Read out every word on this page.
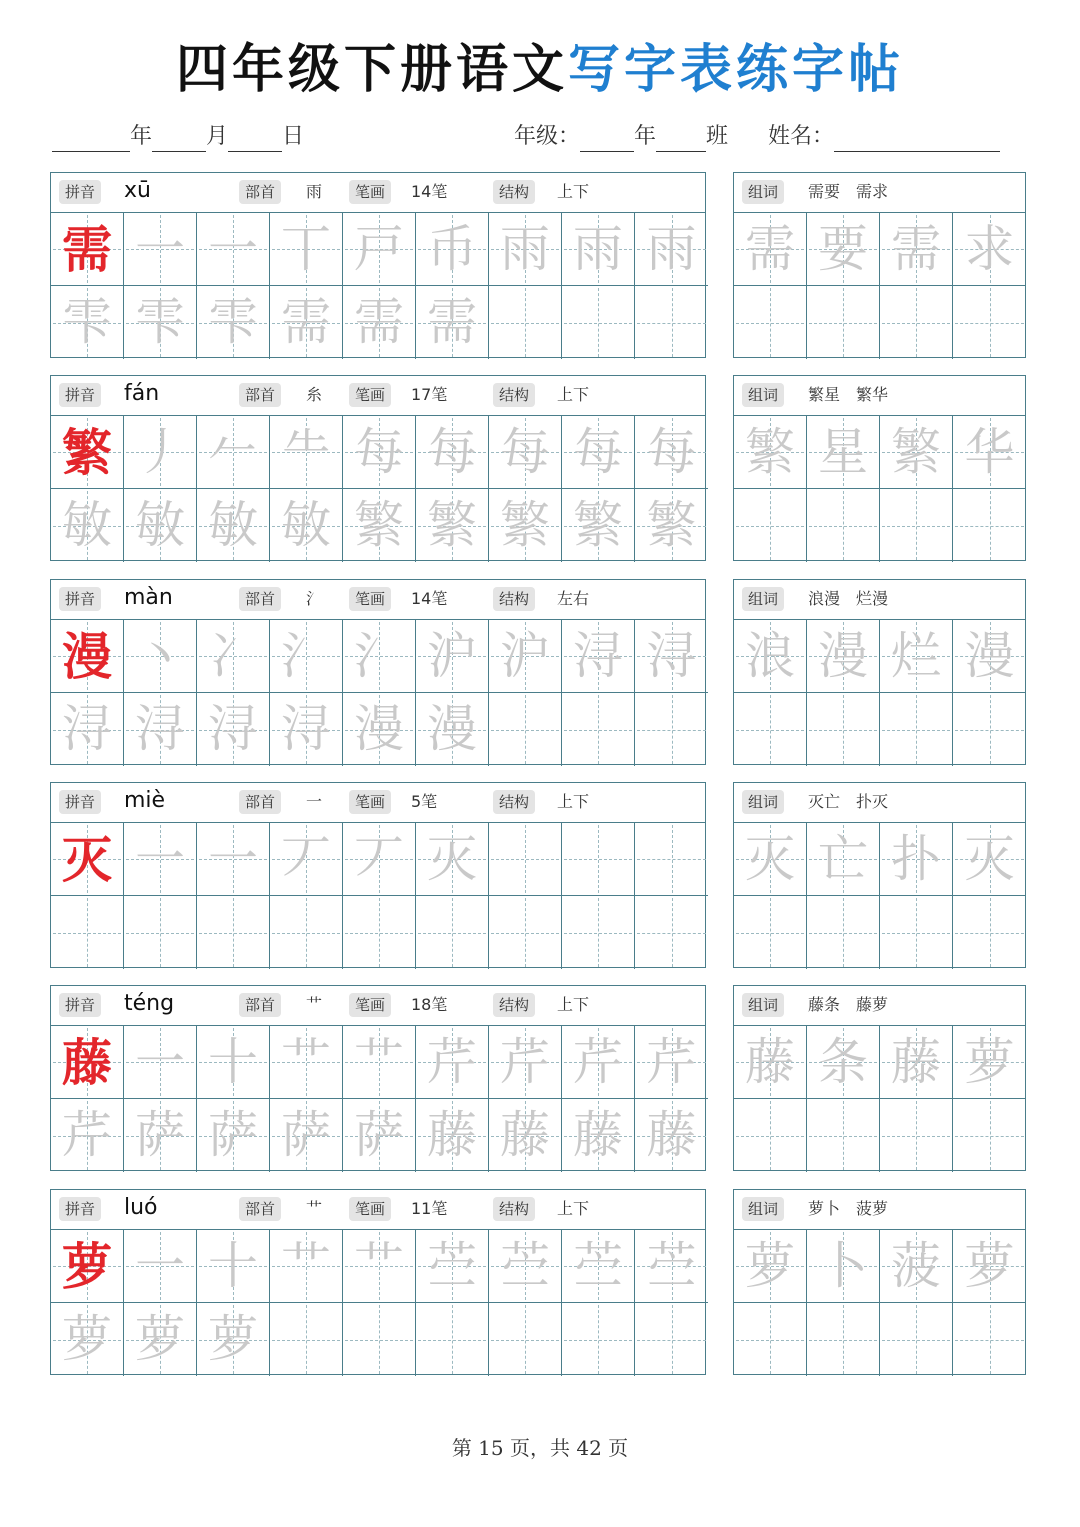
四年级下册语文写字表练字帖
年 月 日	年级： 年 班 姓名：
拼音 xū	部首	雨	笔画	14笔	结构	上下
需 一 一 丅 戸 币 雨 雨 雨
雫 雫 雫 需 需 需
组词	需要　需求
需 要 需 求
拼音 fán	部首	糸	笔画	17笔	结构	上下
繁 丿 𠂉 ⺧ 每 每 每 每 每
敏 敏 敏 敏 繁 繁 繁 繁 繁
组词	繁星　繁华
繁 星 繁 华
拼音 màn	部首	氵	笔画	14笔	结构	左右
漫 丶 冫 氵 氵 沪 沪 浔 浔
浔 浔 浔 浔 漫 漫
组词	浪漫　烂漫
浪 漫 烂 漫
拼音 miè	部首	一	笔画	5笔	结构	上下
灭 一 一 丆 丆 灭
组词	灭亡　扑灭
灭 亡 扑 灭
拼音 téng	部首	艹	笔画	18笔	结构	上下
藤 一 十 艹 艹 芹 芹 芹 芹
芹 萨 萨 萨 萨 藤 藤 藤 藤
组词	藤条　藤萝
藤 条 藤 萝
拼音 luó	部首	艹	笔画	11笔	结构	上下
萝 一 十 艹 艹 苎 苎 苎 苎
萝 萝 萝
组词	萝卜　菠萝
萝 卜 菠 萝
第 15 页，共 42 页
